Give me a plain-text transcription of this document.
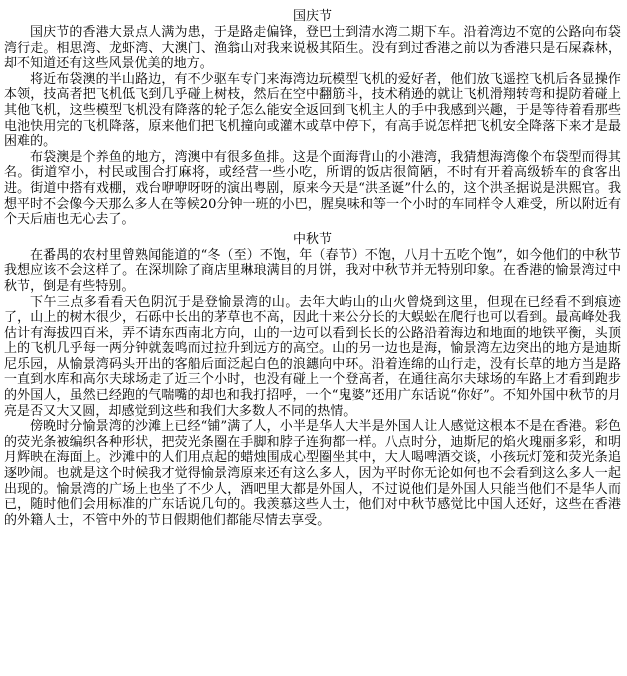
国庆节

国庆节的香港大景点人满为患，于是路走偏锋，登巴士到清水湾二期下车。沿着湾边不宽的公路向布袋湾行走。相思湾、龙虾湾、大澳门、渔翁山对我来说极其陌生。没有到过香港之前以为香港只是石屎森林，却不知道还有这些风景优美的地方。

将近布袋澳的半山路边，有不少驱车专门来海湾边玩模型飞机的爱好者，他们放飞遥控飞机后各显操作本领，技高者把飞机低飞到几乎碰上树枝，然后在空中翻筋斗，技术稍逊的就让飞机滑翔转弯和提防着碰上其他飞机，这些模型飞机没有降落的轮子怎么能安全返回到飞机主人的手中我感到兴趣，于是等待着看那些电池快用完的飞机降落，原来他们把飞机撞向或灌木或草中停下，有高手说怎样把飞机安全降落下来才是最困难的。

布袋澳是个养鱼的地方，湾澳中有很多鱼排。这是个面海背山的小港湾，我猜想海湾像个布袋型而得其名。街道窄小，村民或围合打麻将，或经营一些小吃，所谓的饭店很简陋，不时有开着高级轿车的食客出进。街道中搭有戏棚，戏台咿咿呀呀的演出粤剧，原来今天是“洪圣诞”什么的，这个洪圣据说是洪熙官。我想平时不会像今天那么多人在等候20分钟一班的小巴，腥臭味和等一个小时的车同样令人难受，所以附近有个天后庙也无心去了。

中秋节

在番禺的农村里曾熟闻能道的“冬（至）不饱，年（春节）不饱，八月十五吃个饱”，如今他们的中秋节我想应该不会这样了。在深圳除了商店里琳琅满目的月饼，我对中秋节并无特别印象。在香港的愉景湾过中秋节，倒是有些特别。

下午三点多看看天色阴沉于是登愉景湾的山。去年大屿山的山火曾烧到这里，但现在已经看不到痕迹了，山上的树木很少，石砾中长出的茅草也不高，因此十来公分长的大蜈蚣在爬行也可以看到。最高峰处我估计有海拔四百米，弄不请东西南北方向，山的一边可以看到长长的公路沿着海边和地面的地铁平衡，头顶上的飞机几乎每一两分钟就轰鸣而过拉升到远方的高空。山的另一边也是海，愉景湾左边突出的地方是迪斯尼乐园，从愉景湾码头开出的客船后面泛起白色的浪鏸向中环。沿着连绵的山行走，没有长草的地方当是路一直到水库和高尔夫球场走了近三个小时，也没有碰上一个登高者，在通往高尔夫球场的车路上才看到跑步的外国人，虽然已经跑的气喘嘴的却也和我打招呼，一个“鬼婆”还用广东话说“你好”。不知外国中秋节的月亮是否又大又圆，却感觉到这些和我们大多数人不同的热情。

傍晚时分愉景湾的沙滩上已经“铺”满了人，小半是华人大半是外国人让人感觉这根本不是在香港。彩色的荧光条被编织各种形状，把荧光条圈在手脚和脖子连狗都一样。八点时分，迪斯尼的焰火瑰丽多彩，和明月辉映在海面上。沙滩中的人们用点起的蜡烛围成心型圈坐其中，大人喝啤酒交谈，小孩玩灯笼和荧光条追逐吵闹。也就是这个时候我才觉得愉景湾原来还有这么多人，因为平时你无论如何也不会看到这么多人一起出现的。愉景湾的广场上也坐了不少人，酒吧里大都是外国人，不过说他们是外国人只能当他们不是华人而已，随时他们会用标准的广东话说几句的。我羡慕这些人士，他们对中秋节感觉比中国人还好，这些在香港的外籍人士，不管中外的节日假期他们都能尽情去享受。
